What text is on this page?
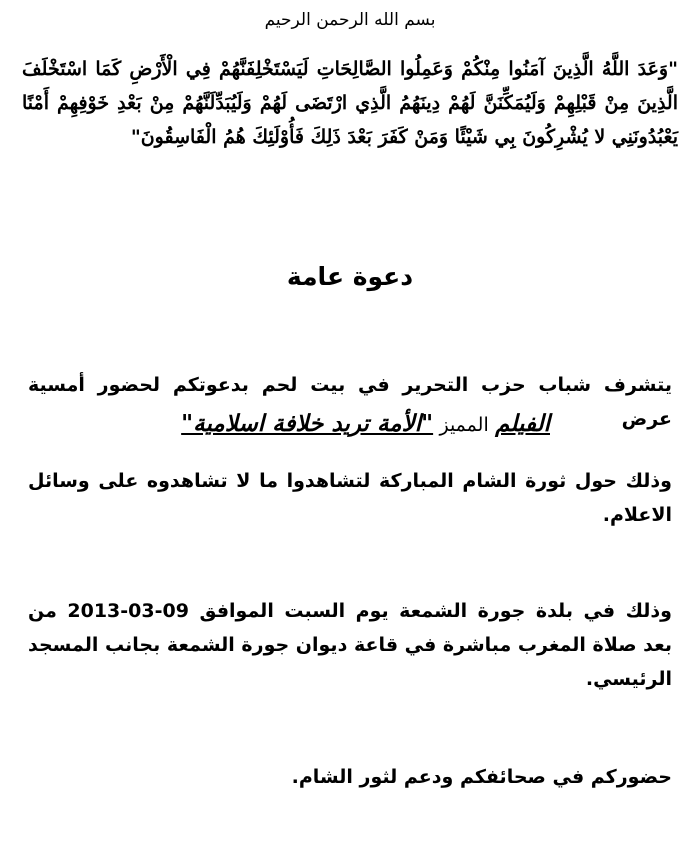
بسم الله الرحمن الرحيم
"وَعَدَ اللَّهُ الَّذِينَ آمَنُوا مِنْكُمْ وَعَمِلُوا الصَّالِحَاتِ لَيَسْتَخْلِفَنَّهُمْ فِي الْأَرْضِ كَمَا اسْتَخْلَفَ الَّذِينَ مِنْ قَبْلِهِمْ وَلَيُمَكِّنَنَّ لَهُمْ دِينَهُمُ الَّذِي ارْتَضَى لَهُمْ وَلَيُبَدِّلَنَّهُمْ مِنْ بَعْدِ خَوْفِهِمْ أَمْنًا يَعْبُدُونَنِي لا يُشْرِكُونَ بِي شَيْئًا وَمَنْ كَفَرَ بَعْدَ ذَلِكَ فَأُوْلَئِكَ هُمُ الْفَاسِقُونَ"
دعوة عامة
يتشرف شباب حزب التحرير في بيت لحم بدعوتكم لحضور أمسية عرض
الفيلم المميز "الأمة تريد خلافة اسلامية"
وذلك حول ثورة الشام المباركة لتشاهدوا ما لا تشاهدوه على وسائل الاعلام.
وذلك في بلدة جورة الشمعة يوم السبت الموافق 09-03-2013 من بعد صلاة المغرب مباشرة في قاعة ديوان جورة الشمعة بجانب المسجد الرئيسي.
حضوركم في صحائفكم ودعم لثور الشام.
